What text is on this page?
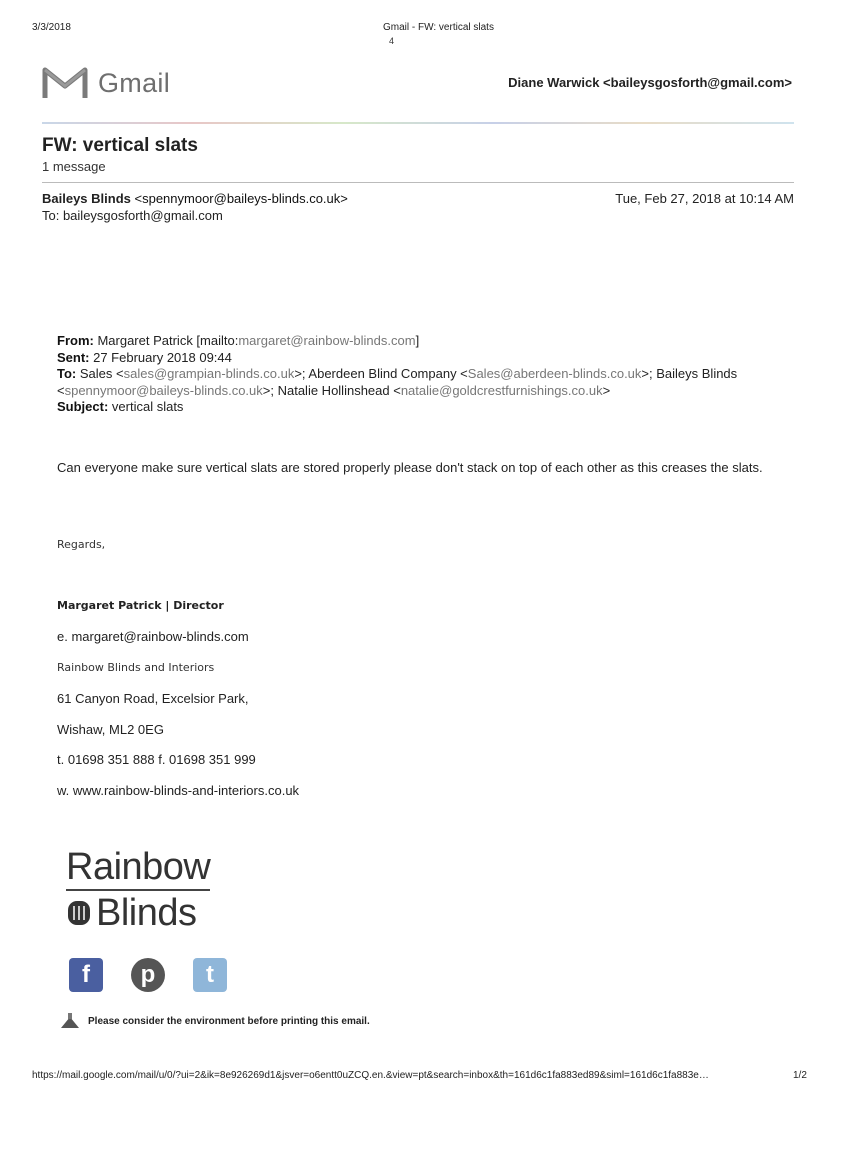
3/3/2018	Gmail - FW: vertical slats
4
Gmail	Diane Warwick <baileysgosforth@gmail.com>
FW: vertical slats
1 message
Baileys Blinds <spennymoor@baileys-blinds.co.uk>	Tue, Feb 27, 2018 at 10:14 AM
To: baileysgosforth@gmail.com
From: Margaret Patrick [mailto:margaret@rainbow-blinds.com]
Sent: 27 February 2018 09:44
To: Sales <sales@grampian-blinds.co.uk>; Aberdeen Blind Company <Sales@aberdeen-blinds.co.uk>; Baileys Blinds <spennymoor@baileys-blinds.co.uk>; Natalie Hollinshead <natalie@goldcrestfurnishings.co.uk>
Subject: vertical slats
Can everyone make sure vertical slats are stored properly please don't stack on top of each other as this creases the slats.
Regards,
Margaret Patrick | Director
e. margaret@rainbow-blinds.com
Rainbow Blinds and Interiors
61 Canyon Road, Excelsior Park,
Wishaw, ML2 0EG
t. 01698 351 888 f. 01698 351 999
w. www.rainbow-blinds-and-interiors.co.uk
Rainbow
Blinds
f	p	t
Please consider the environment before printing this email.
https://mail.google.com/mail/u/0/?ui=2&ik=8e926269d1&jsver=o6entt0uZCQ.en.&view=pt&search=inbox&th=161d6c1fa883ed89&siml=161d6c1fa883e…	1/2
